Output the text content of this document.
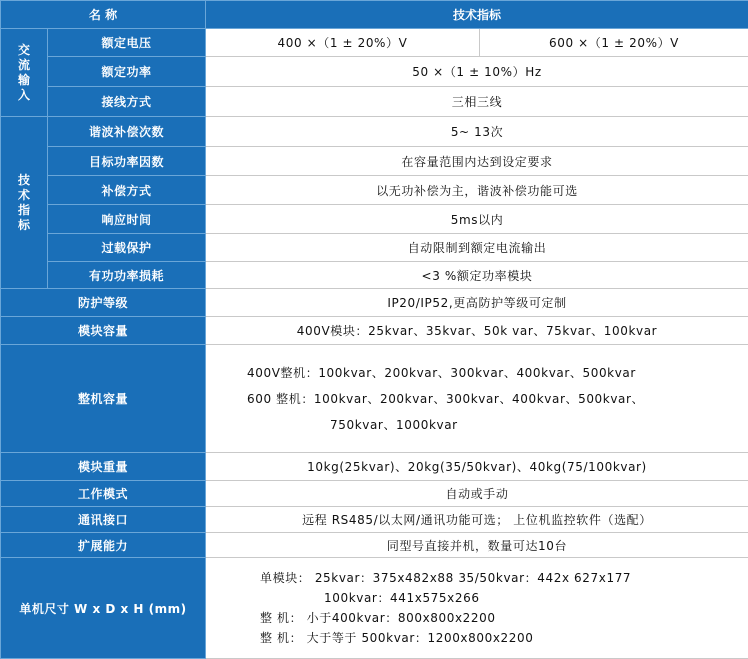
名 称		技术指标	

交
流
输
入	额定电压	400 ×（1 ± 20%）V	600 ×（1 ± 20%）V
	额定功率	50 ×（1 ± 10%）Hz	
	接线方式	三相三线	

技
术
指
标	谐波补偿次数	5~ 13次	
	目标功率因数	在容量范围内达到设定要求	
	补偿方式	以无功补偿为主，谐波补偿功能可选	
	响应时间	5ms以内	
	过载保护	自动限制到额定电流输出	
	有功功率损耗	<3 %额定功率模块	
防护等级		IP20/IP52,更高防护等级可定制	
模块容量		400V模块：25kvar、35kvar、50k var、75kvar、100kvar	
整机容量		400V整机：100kvar、200kvar、300kvar、400kvar、500kvar
600 整机：100kvar、200kvar、300kvar、400kvar、500kvar、
750kvar、1000kvar	

模块重量		10kg(25kvar)、20kg(35/50kvar)、40kg(75/100kvar)	
工作模式		自动或手动	
通讯接口		远程 RS485/以太网/通讯功能可选； 上位机监控软件（选配）	
扩展能力		同型号直接并机，数量可达10台	
单机尺寸 W x D x H (mm)		单模块： 25kvar：375x482x88 35/50kvar：442x 627x177
100kvar：441x575x266
整 机： 小于400kvar：800x800x2200
整 机： 大于等于 500kvar：1200x800x2200	
